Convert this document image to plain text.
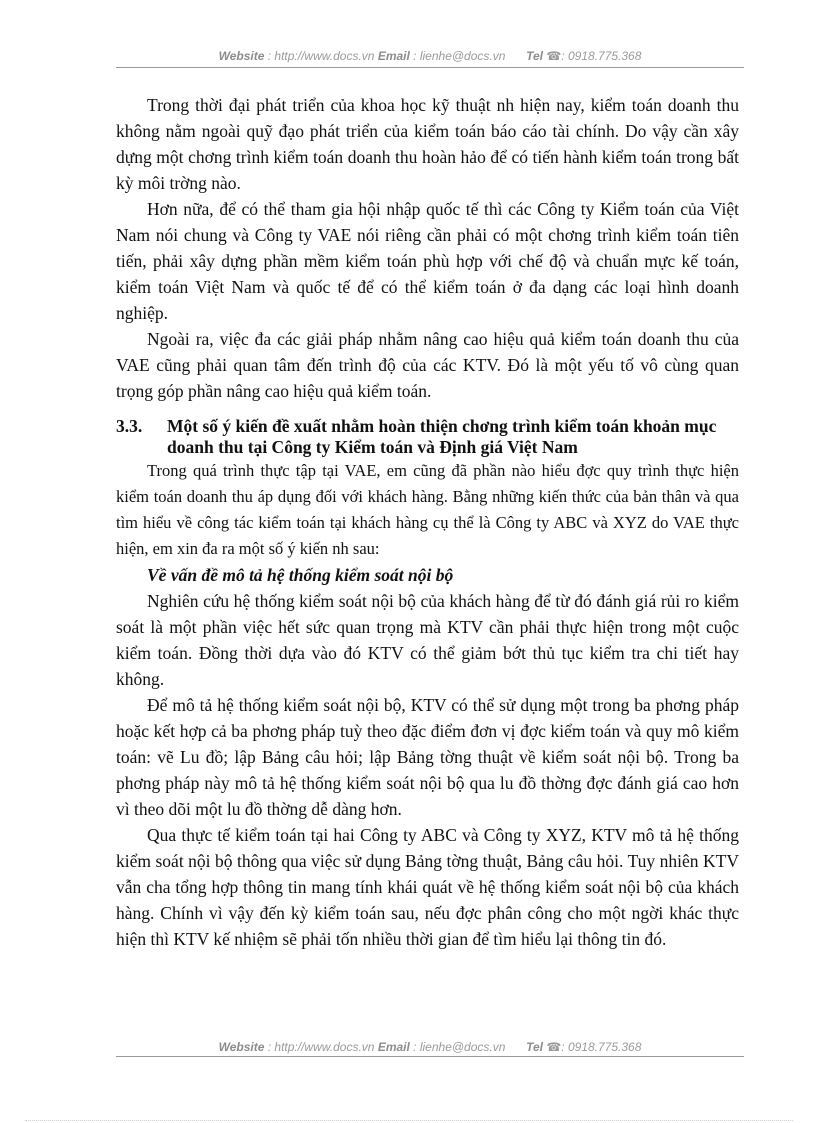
Website : http://www.docs.vn Email : lienhe@docs.vn Tel ☎: 0918.775.368

Trong thời đại phát triển của khoa học kỹ thuật nh hiện nay, kiểm toán doanh thu không nằm ngoài quỹ đạo phát triển của kiểm toán báo cáo tài chính. Do vậy cần xây dựng một chơng trình kiểm toán doanh thu hoàn hảo để có tiến hành kiểm toán trong bất kỳ môi trờng nào.

Hơn nữa, để có thể tham gia hội nhập quốc tế thì các Công ty Kiểm toán của Việt Nam nói chung và Công ty VAE nói riêng cần phải có một chơng trình kiểm toán tiên tiến, phải xây dựng phần mềm kiểm toán phù hợp với chế độ và chuẩn mực kế toán, kiểm toán Việt Nam và quốc tế để có thể kiểm toán ở đa dạng các loại hình doanh nghiệp.

Ngoài ra, việc đa các giải pháp nhằm nâng cao hiệu quả kiểm toán doanh thu của VAE cũng phải quan tâm đến trình độ của các KTV. Đó là một yếu tố vô cùng quan trọng góp phần nâng cao hiệu quả kiểm toán.

3.3. Một số ý kiến đề xuất nhằm hoàn thiện chơng trình kiểm toán khoản mục doanh thu tại Công ty Kiểm toán và Định giá Việt Nam

Trong quá trình thực tập tại VAE, em cũng đã phần nào hiểu đợc quy trình thực hiện kiểm toán doanh thu áp dụng đối với khách hàng. Bằng những kiến thức của bản thân và qua tìm hiểu về công tác kiểm toán tại khách hàng cụ thể là Công ty ABC và XYZ do VAE thực hiện, em xin đa ra một số ý kiến nh sau:

Về vấn đề mô tả hệ thống kiểm soát nội bộ

Nghiên cứu hệ thống kiểm soát nội bộ của khách hàng để từ đó đánh giá rủi ro kiểm soát là một phần việc hết sức quan trọng mà KTV cần phải thực hiện trong một cuộc kiểm toán. Đồng thời dựa vào đó KTV có thể giảm bớt thủ tục kiểm tra chi tiết hay không.

Để mô tả hệ thống kiểm soát nội bộ, KTV có thể sử dụng một trong ba phơng pháp hoặc kết hợp cả ba phơng pháp tuỳ theo đặc điểm đơn vị đợc kiểm toán và quy mô kiểm toán: vẽ Lu đồ; lập Bảng câu hỏi; lập Bảng tờng thuật về kiểm soát nội bộ. Trong ba phơng pháp này mô tả hệ thống kiểm soát nội bộ qua lu đồ thờng đợc đánh giá cao hơn vì theo dõi một lu đồ thờng dễ dàng hơn.

Qua thực tế kiểm toán tại hai Công ty ABC và Công ty XYZ, KTV mô tả hệ thống kiểm soát nội bộ thông qua việc sử dụng Bảng tờng thuật, Bảng câu hỏi. Tuy nhiên KTV vẫn cha tổng hợp thông tin mang tính khái quát về hệ thống kiểm soát nội bộ của khách hàng. Chính vì vậy đến kỳ kiểm toán sau, nếu đợc phân công cho một ngời khác thực hiện thì KTV kế nhiệm sẽ phải tốn nhiều thời gian để tìm hiểu lại thông tin đó.

Website : http://www.docs.vn Email : lienhe@docs.vn Tel ☎: 0918.775.368
